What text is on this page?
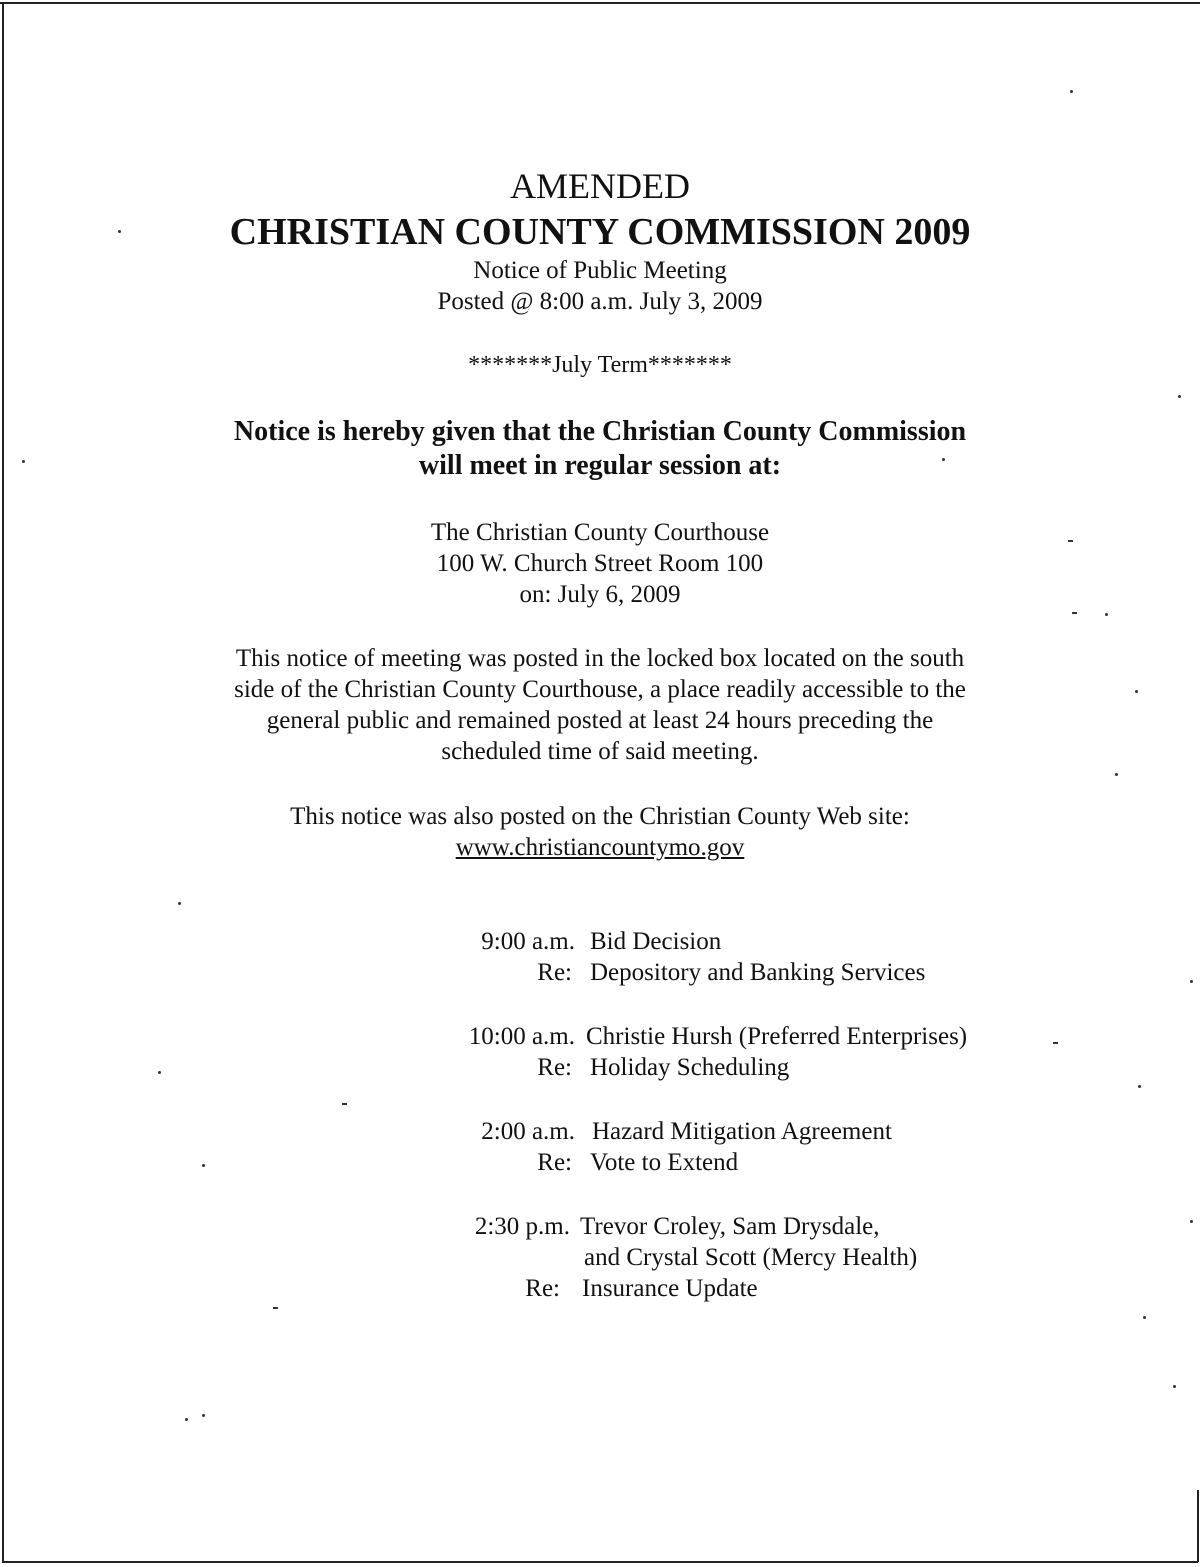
AMENDED
CHRISTIAN COUNTY COMMISSION 2009
Notice of Public Meeting
Posted @ 8:00 a.m. July 3, 2009
*******July Term*******
Notice is hereby given that the Christian County Commission
will meet in regular session at:
The Christian County Courthouse
100 W. Church Street Room 100
on: July 6, 2009
This notice of meeting was posted in the locked box located on the south
side of the Christian County Courthouse, a place readily accessible to the
general public and remained posted at least 24 hours preceding the
scheduled time of said meeting.
This notice was also posted on the Christian County Web site:
www.christiancountymo.gov
9:00 a.m. Bid Decision
Re: Depository and Banking Services
10:00 a.m. Christie Hursh (Preferred Enterprises)
Re: Holiday Scheduling
2:00 a.m. Hazard Mitigation Agreement
Re: Vote to Extend
2:30 p.m. Trevor Croley, Sam Drysdale,
and Crystal Scott (Mercy Health)
Re: Insurance Update
